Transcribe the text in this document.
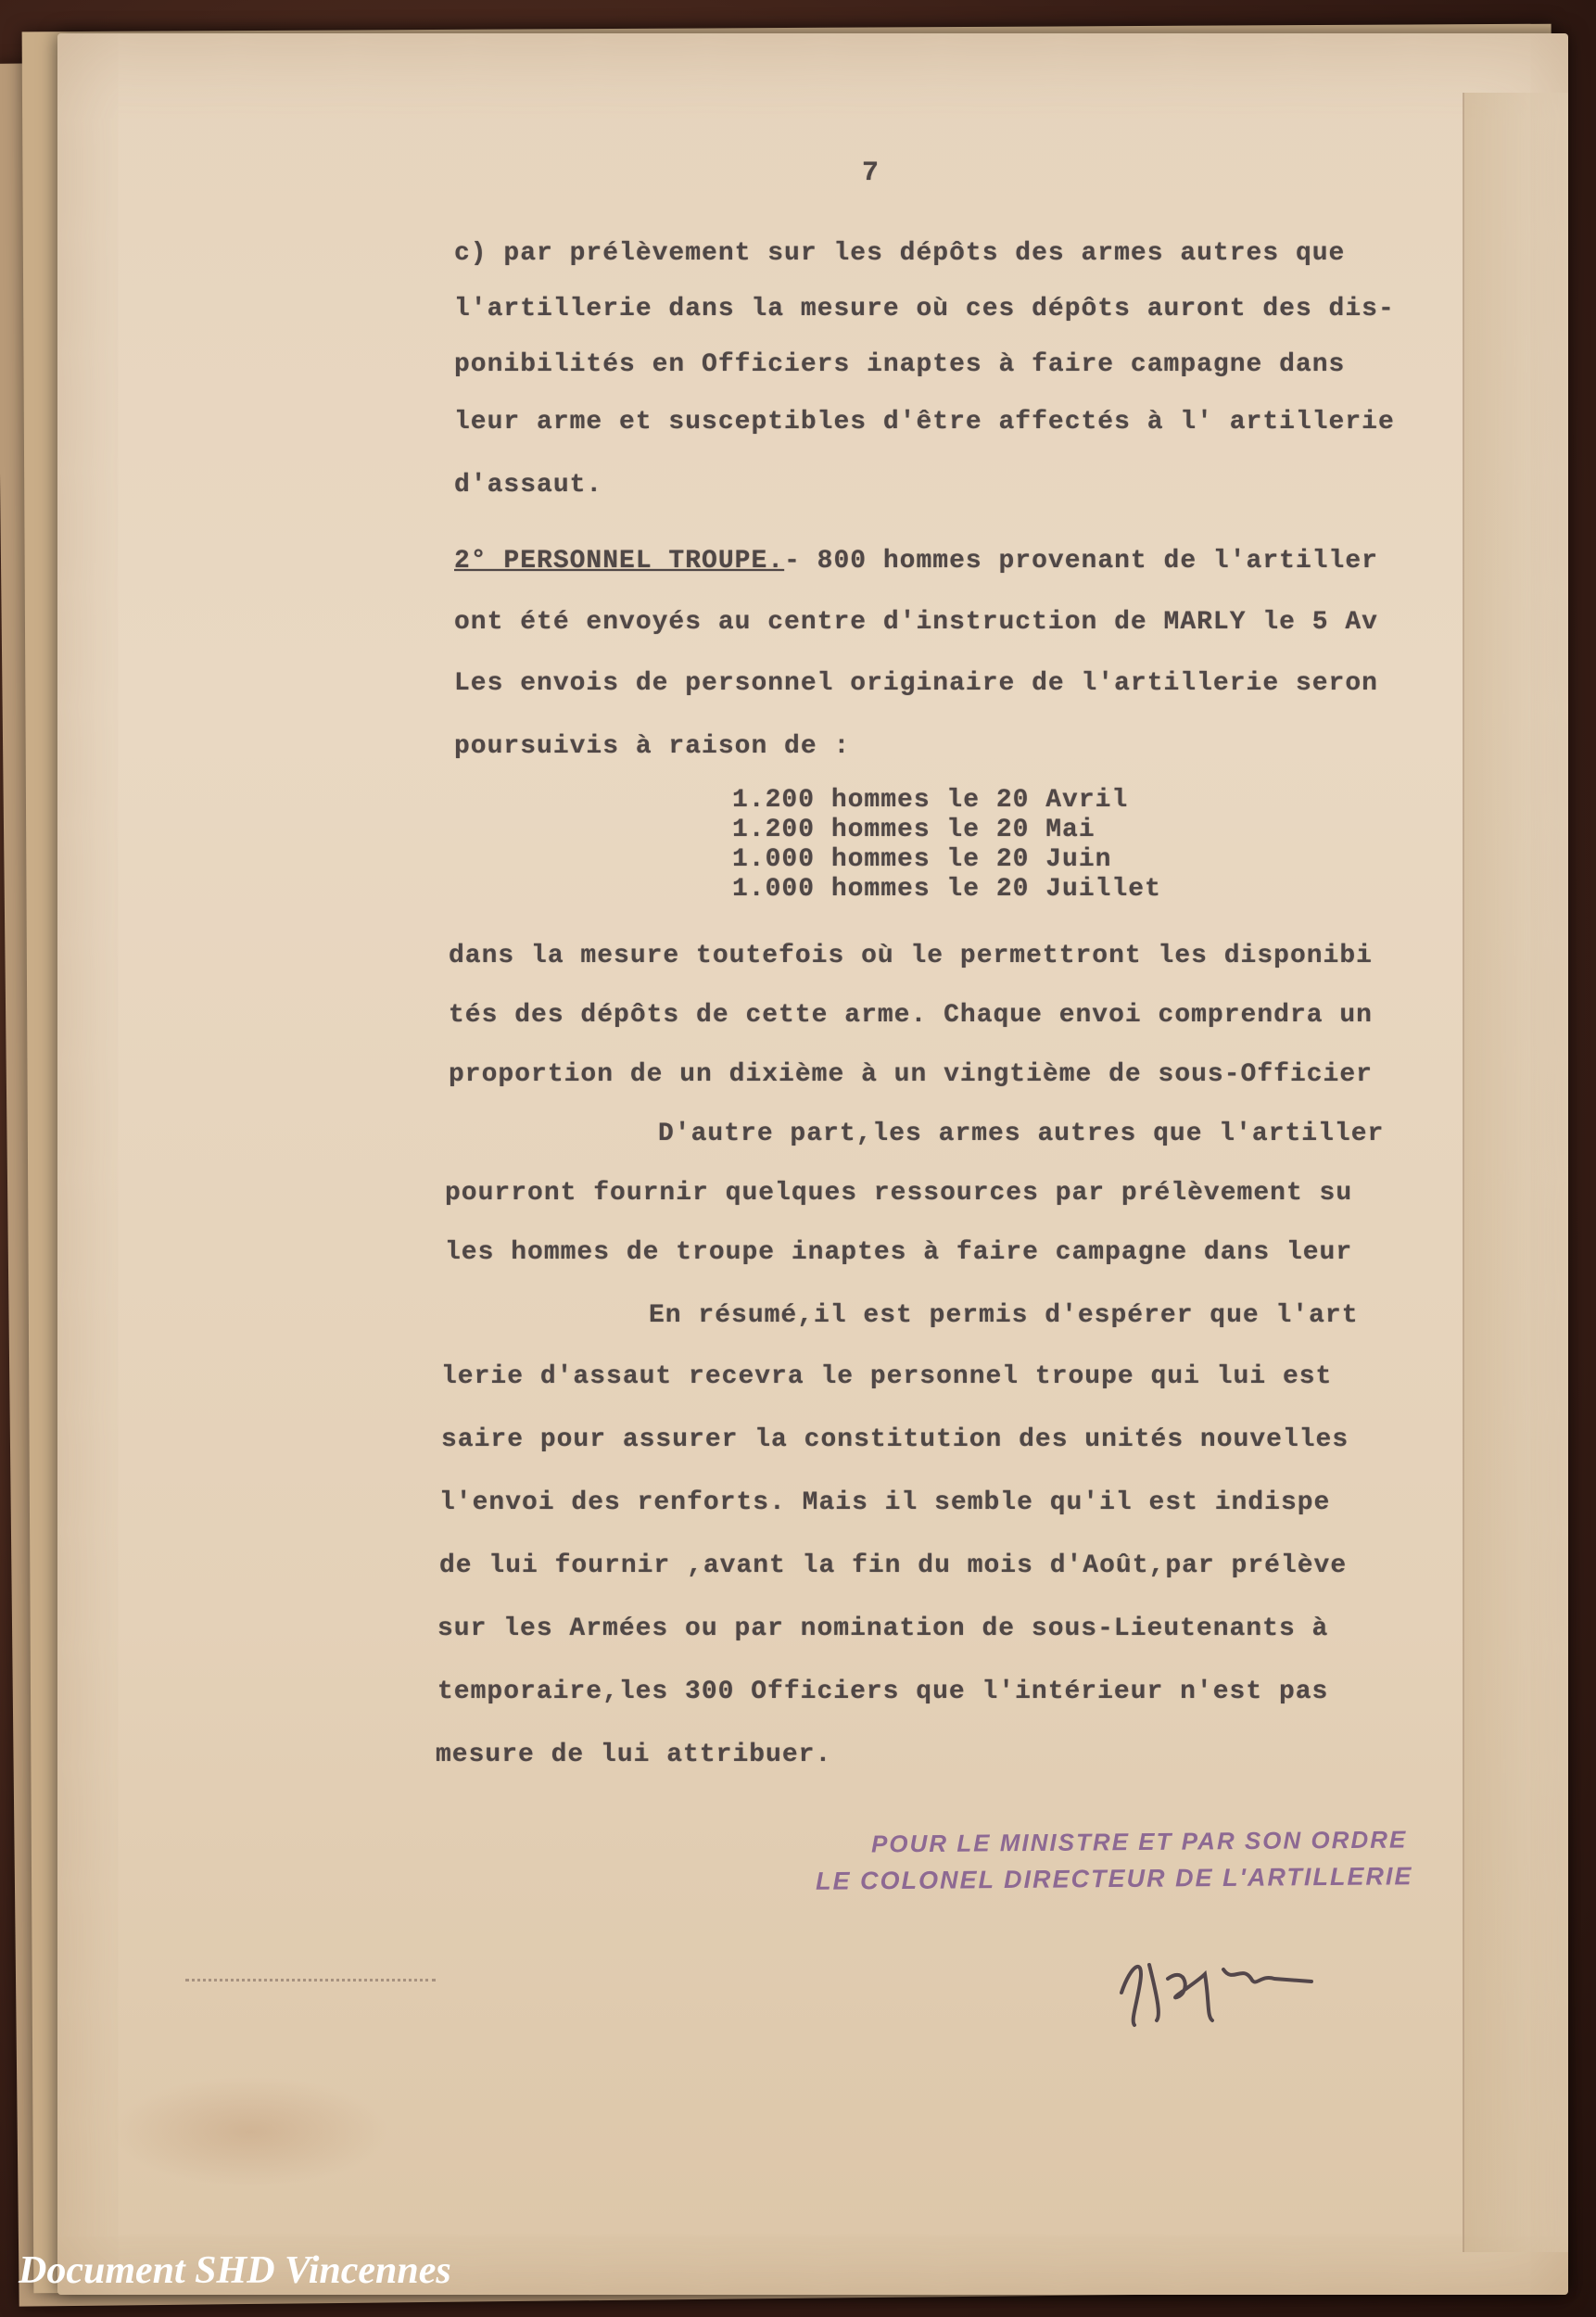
7
c) par prélèvement sur les dépôts des armes autres que
l'artillerie dans la mesure où ces dépôts auront des dis-
ponibilités en Officiers inaptes à faire campagne dans
leur arme et susceptibles d'être affectés à l' artillerie
d'assaut.
2° PERSONNEL TROUPE.- 800 hommes provenant de l'artiller
ont été envoyés au centre d'instruction de MARLY le 5 Av
Les envois de personnel originaire de l'artillerie seron
poursuivis à raison de :
1.200 hommes le 20 Avril
1.200 hommes le 20 Mai
1.000 hommes le 20 Juin
1.000 hommes le 20 Juillet
dans la mesure toutefois où le permettront les disponibi
tés des dépôts de cette arme. Chaque envoi comprendra un
proportion de un dixième à un vingtième de sous-Officier
D'autre part,les armes autres que l'artiller
pourront fournir quelques ressources par prélèvement su
les hommes de troupe inaptes à faire campagne dans leur
En résumé,il est permis d'espérer que l'art
lerie d'assaut recevra le personnel troupe qui lui est
saire pour assurer la constitution des unités nouvelles
l'envoi des renforts. Mais il semble qu'il est indispe
de lui fournir ,avant la fin du mois d'Août,par prélève
sur les Armées ou par nomination de sous-Lieutenants à
temporaire,les 300 Officiers que l'intérieur n'est pas
mesure de lui attribuer.
POUR LE MINISTRE ET PAR SON ORDRE
LE COLONEL DIRECTEUR DE L'ARTILLERIE
Document SHD Vincennes
